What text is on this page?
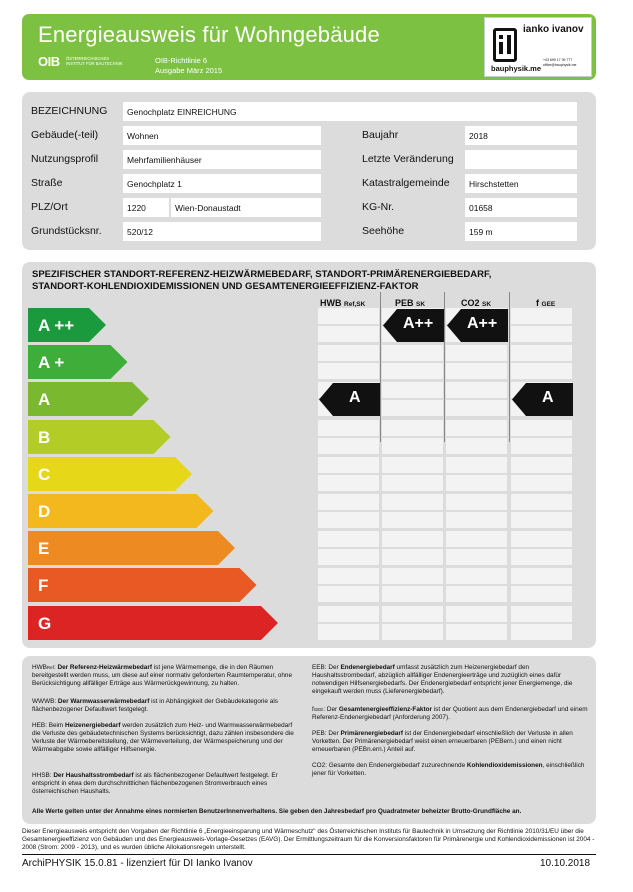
Energieausweis für Wohngebäude
OIB ÖSTERREICHISCHES
INSTITUT FÜR BAUTECHNIK	OIB-Richtlinie 6
Ausgabe März 2015
ianko ivanov
bauphysik.me
+43 699 17 39 777
office@bauphysik.me
BEZEICHNUNG	Genochplatz EINREICHUNG
Gebäude(-teil)	Wohnen	Baujahr	2018
Nutzungsprofil	Mehrfamilienhäuser	Letzte Veränderung
Straße	Genochplatz 1	Katastralgemeinde	Hirschstetten
PLZ/Ort	1220	Wien-Donaustadt	KG-Nr.	01658
Grundstücksnr.	520/12	Seehöhe	159 m
SPEZIFISCHER STANDORT-REFERENZ-HEIZWÄRMEBEDARF, STANDORT-PRIMÄRENERGIEBEDARF,
STANDORT-KOHLENDIOXIDEMISSIONEN UND GESAMTENERGIEEFFIZIENZ-FAKTOR
HWB Ref,SK	PEB SK	CO2 SK	f GEE
A ++
A +
A
B
C
D
E
F
G
A
A++ A++
A
HWBRef: Der Referenz-Heizwärmebedarf ist jene Wärmemenge, die in den Räumen bereitgestellt werden muss, um diese auf einer normativ geforderten Raumtemperatur, ohne Berücksichtigung allfälliger Erträge aus Wärmerückgewinnung, zu halten.
WWWB: Der Warmwasserwärmebedarf ist in Abhängigkeit der Gebäudekategorie als flächenbezogener Defaultwert festgelegt.
HEB: Beim Heizenergiebedarf werden zusätzlich zum Heiz- und Warmwasserwärmebedarf die Verluste des gebäudetechnischen Systems berücksichtigt, dazu zählen insbesondere die Verluste der Wärmebereitstellung, der Wärmeverteilung, der Wärmespeicherung und der Wärmeabgabe sowie allfälliger Hilfsenergie.
HHSB: Der Haushaltsstrombedarf ist als flächenbezogener Defaultwert festgelegt. Er entspricht in etwa dem durchschnittlichen flächenbezogenen Stromverbrauch eines österreichischen Haushalts.
EEB: Der Endenergiebedarf umfasst zusätzlich zum Heizenergiebedarf den Haushaltsstrombedarf, abzüglich allfälliger Endenergieerträge und zuzüglich eines dafür notwendigen Hilfsenergiebedarfs. Der Endenergiebedarf entspricht jener Energiemenge, die eingekauft werden muss (Lieferenergiebedarf).
fGEE: Der Gesamtenergieeffizienz-Faktor ist der Quotient aus dem Endenergiebedarf und einem Referenz-Endenergiebedarf (Anforderung 2007).
PEB: Der Primärenergiebedarf ist der Endenergiebedarf einschließlich der Verluste in allen Vorketten. Der Primärenergiebedarf weist einen erneuerbaren (PEBern.) und einen nicht erneuerbaren (PEBn.ern.) Anteil auf.
CO2: Gesamte den Endenergiebedarf zuzurechnende Kohlendioxidemissionen, einschließlich jener für Vorketten.
Alle Werte gelten unter der Annahme eines normierten BenutzerInnenverhaltens. Sie geben den Jahresbedarf pro Quadratmeter beheizter Brutto-Grundfläche an.
Dieser Energieausweis entspricht den Vorgaben der Richtlinie 6 „Energieeinsparung und Wärmeschutz" des Österreichischen Instituts für Bautechnik in Umsetzung der Richtlinie 2010/31/EU über die Gesamtenergieeffizienz von Gebäuden und des Energieausweis-Vorlage-Gesetzes (EAVG). Der Ermittlungszeitraum für die Konversionsfaktoren für Primärenergie und Kohlendioxidemissionen ist 2004 - 2008 (Strom: 2009 - 2013), und es wurden übliche Allokationsregeln unterstellt.
ArchiPHYSIK 15.0.81 - lizenziert für DI Ianko Ivanov	10.10.2018
